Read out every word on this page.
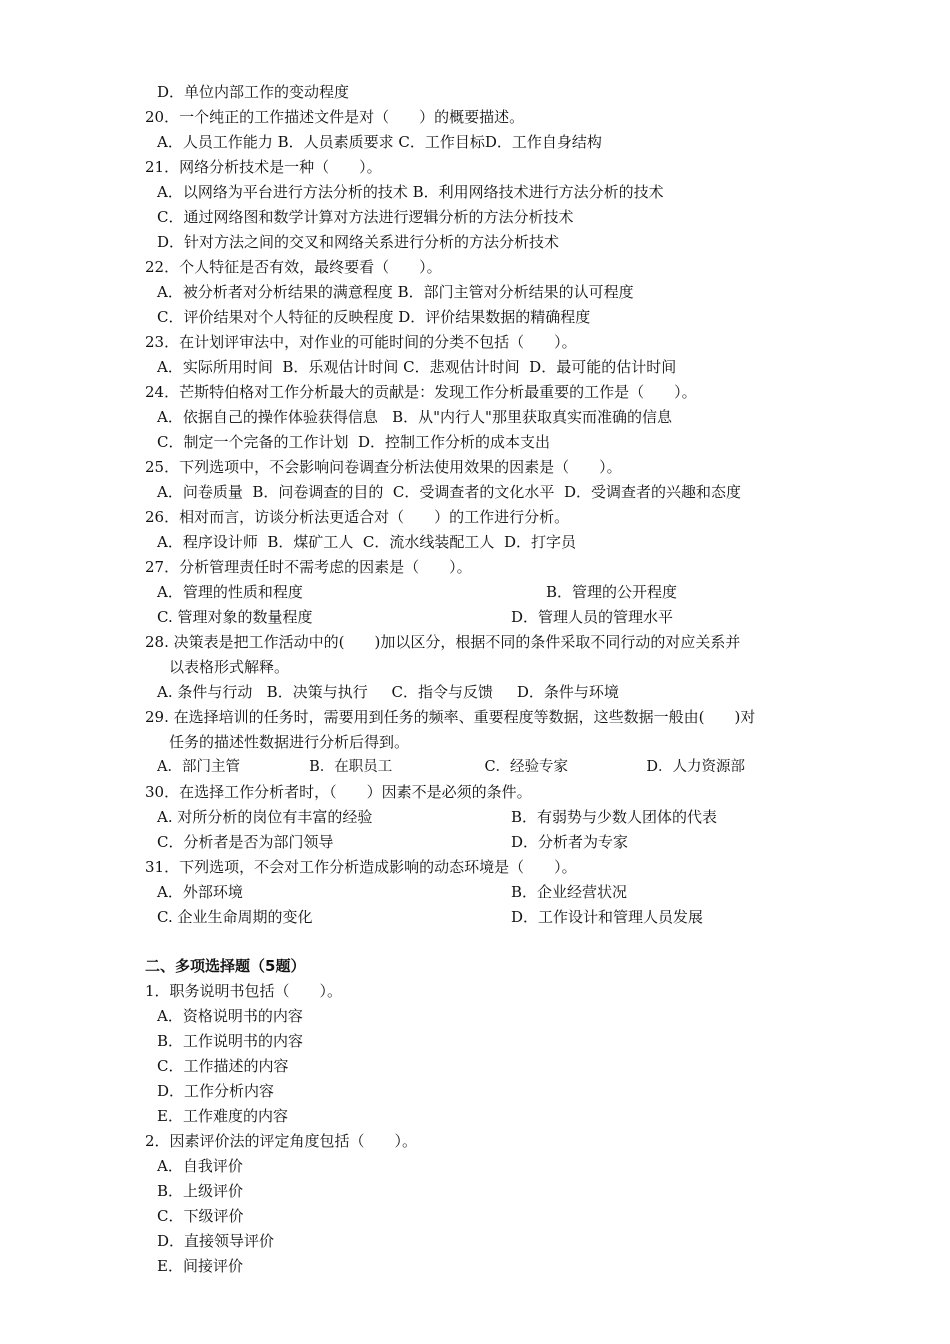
D．单位内部工作的变动程度
20．一个纯正的工作描述文件是对（　　）的概要描述。
A．人员工作能力 B．人员素质要求 C．工作目标D．工作自身结构
21．网络分析技术是一种（　　）。
A．以网络为平台进行方法分析的技术 B．利用网络技术进行方法分析的技术
C．通过网络图和数学计算对方法进行逻辑分析的方法分析技术
D．针对方法之间的交叉和网络关系进行分析的方法分析技术
22．个人特征是否有效，最终要看（　　）。
A．被分析者对分析结果的满意程度 B．部门主管对分析结果的认可程度
C．评价结果对个人特征的反映程度 D．评价结果数据的精确程度
23．在计划评审法中，对作业的可能时间的分类不包括（　　）。
A．实际所用时间  B．乐观估计时间 C．悲观估计时间  D．最可能的估计时间
24．芒斯特伯格对工作分析最大的贡献是：发现工作分析最重要的工作是（　　）。
A．依据自己的操作体验获得信息   B．从"内行人"那里获取真实而准确的信息
C．制定一个完备的工作计划  D．控制工作分析的成本支出
25．下列选项中，不会影响问卷调查分析法使用效果的因素是（　　）。
A．问卷质量  B．问卷调查的目的  C．受调查者的文化水平  D．受调查者的兴趣和态度
26．相对而言，访谈分析法更适合对（　　）的工作进行分析。
A．程序设计师  B．煤矿工人  C．流水线装配工人  D．打字员
27．分析管理责任时不需考虑的因素是（　　）。
A．管理的性质和程度	B．管理的公开程度
C. 管理对象的数量程度	D．管理人员的管理水平
28. 决策表是把工作活动中的(　　)加以区分，根据不同的条件采取不同行动的对应关系并
以表格形式解释。
A. 条件与行动   B．决策与执行     C．指令与反馈     D．条件与环境
29. 在选择培训的任务时，需要用到任务的频率、重要程度等数据，这些数据一般由(　　)对
任务的描述性数据进行分析后得到。
A．部门主管               B．在职员工                    C．经验专家                 D．人力资源部
30．在选择工作分析者时，（　　）因素不是必须的条件。
A. 对所分析的岗位有丰富的经验	B．有弱势与少数人团体的代表
C．分析者是否为部门领导	D．分析者为专家
31．下列选项，不会对工作分析造成影响的动态环境是（　　）。
A．外部环境	B．企业经营状况
C. 企业生命周期的变化	D．工作设计和管理人员发展
二、多项选择题（5题）
1．职务说明书包括（　　）。
A．资格说明书的内容
B．工作说明书的内容
C．工作描述的内容
D．工作分析内容
E．工作难度的内容
2．因素评价法的评定角度包括（　　）。
A．自我评价
B．上级评价
C．下级评价
D．直接领导评价
E．间接评价
